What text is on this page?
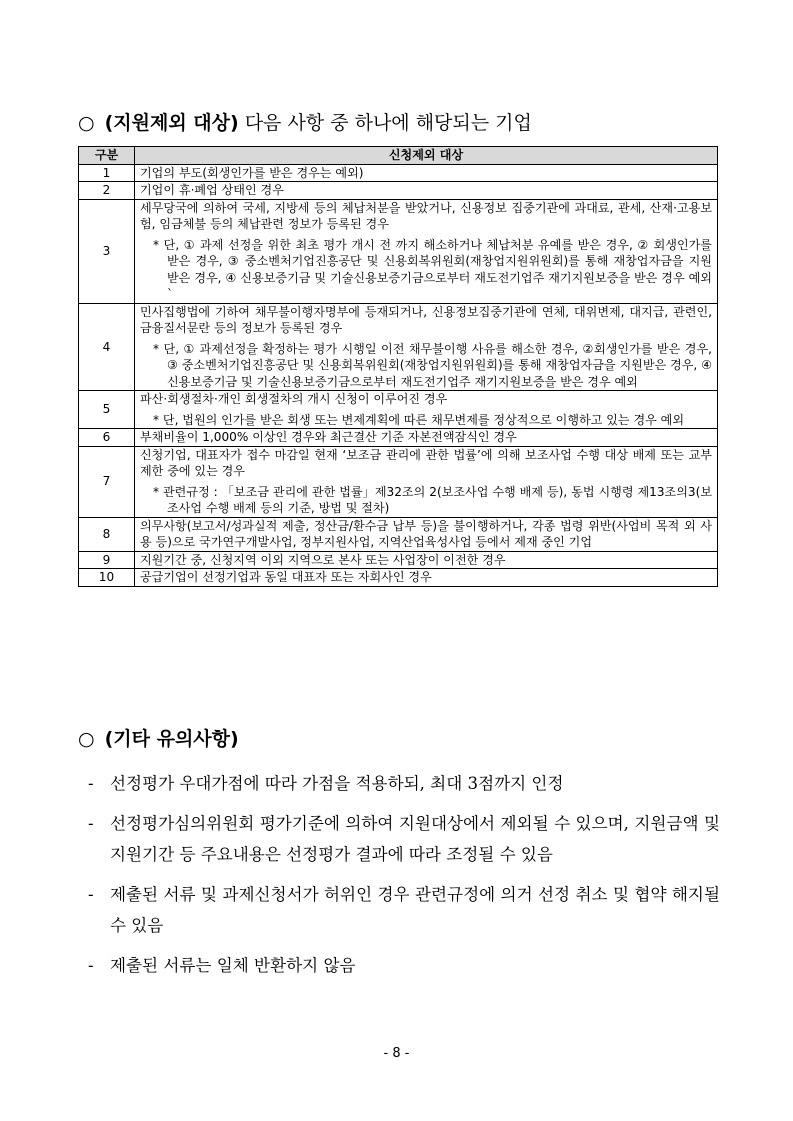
○ (지원제외 대상) 다음 사항 중 하나에 해당되는 기업
구분	신청제외 대상
1	기업의 부도(회생인가를 받은 경우는 예외)
2	기업이 휴·폐업 상태인 경우
3	세무당국에 의하여 국세, 지방세 등의 체납처분을 받았거나, 신용정보 집중기관에 과대료, 관세, 산재·고용보험, 임금체불 등의 체납관련 정보가 등록된 경우
* 단, ① 과제 선정을 위한 최초 평가 개시 전 까지 해소하거나 체납처분 유예를 받은 경우, ② 회생인가를 받은 경우, ③ 중소벤처기업진흥공단 및 신용회복위원회(재창업지원위원회)를 통해 재창업자금을 지원받은 경우, ④ 신용보증기금 및 기술신용보증기금으로부터 재도전기업주 재기지원보증을 받은 경우 예외`

4	민사집행법에 기하여 채무불이행자명부에 등재되거나, 신용정보집중기관에 연체, 대위변제, 대지급, 관련인, 금융질서문란 등의 정보가 등록된 경우
* 단, ① 과제선정을 확정하는 평가 시행일 이전 채무불이행 사유를 해소한 경우, ②회생인가를 받은 경우, ③ 중소벤처기업진흥공단 및 신용회복위원회(재창업지원위원회)를 통해 재창업자금을 지원받은 경우, ④ 신용보증기금 및 기술신용보증기금으로부터 재도전기업주 재기지원보증을 받은 경우 예외

5	파산·회생절차·개인 회생절차의 개시 신청이 이루어진 경우
* 단, 법원의 인가를 받은 회생 또는 변제계획에 따른 채무변제를 정상적으로 이행하고 있는 경우 예외

6	부채비율이 1,000% 이상인 경우와 최근결산 기준 자본전액잠식인 경우
7	신청기업, 대표자가 접수 마감일 현재 ‘보조금 관리에 관한 법률’에 의해 보조사업 수행 대상 배제 또는 교부 제한 중에 있는 경우
* 관련규정 : 「보조금 관리에 관한 법률」제32조의 2(보조사업 수행 배제 등), 동법 시행령 제13조의3(보조사업 수행 배제 등의 기준, 방법 및 절차)

8	의무사항(보고서/성과실적 제출, 정산금/환수금 납부 등)을 불이행하거나, 각종 법령 위반(사업비 목적 외 사용 등)으로 국가연구개발사업, 정부지원사업, 지역산업육성사업 등에서 제재 중인 기업
9	지원기간 중, 신청지역 이외 지역으로 본사 또는 사업장이 이전한 경우
10	공급기업이 선정기업과 동일 대표자 또는 자회사인 경우
○ (기타 유의사항)
- 선정평가 우대가점에 따라 가점을 적용하되, 최대 3점까지 인정
- 선정평가심의위원회 평가기준에 의하여 지원대상에서 제외될 수 있으며, 지원금액 및 지원기간 등 주요내용은 선정평가 결과에 따라 조정될 수 있음
- 제출된 서류 및 과제신청서가 허위인 경우 관련규정에 의거 선정 취소 및 협약 해지될 수 있음
- 제출된 서류는 일체 반환하지 않음
- 8 -
